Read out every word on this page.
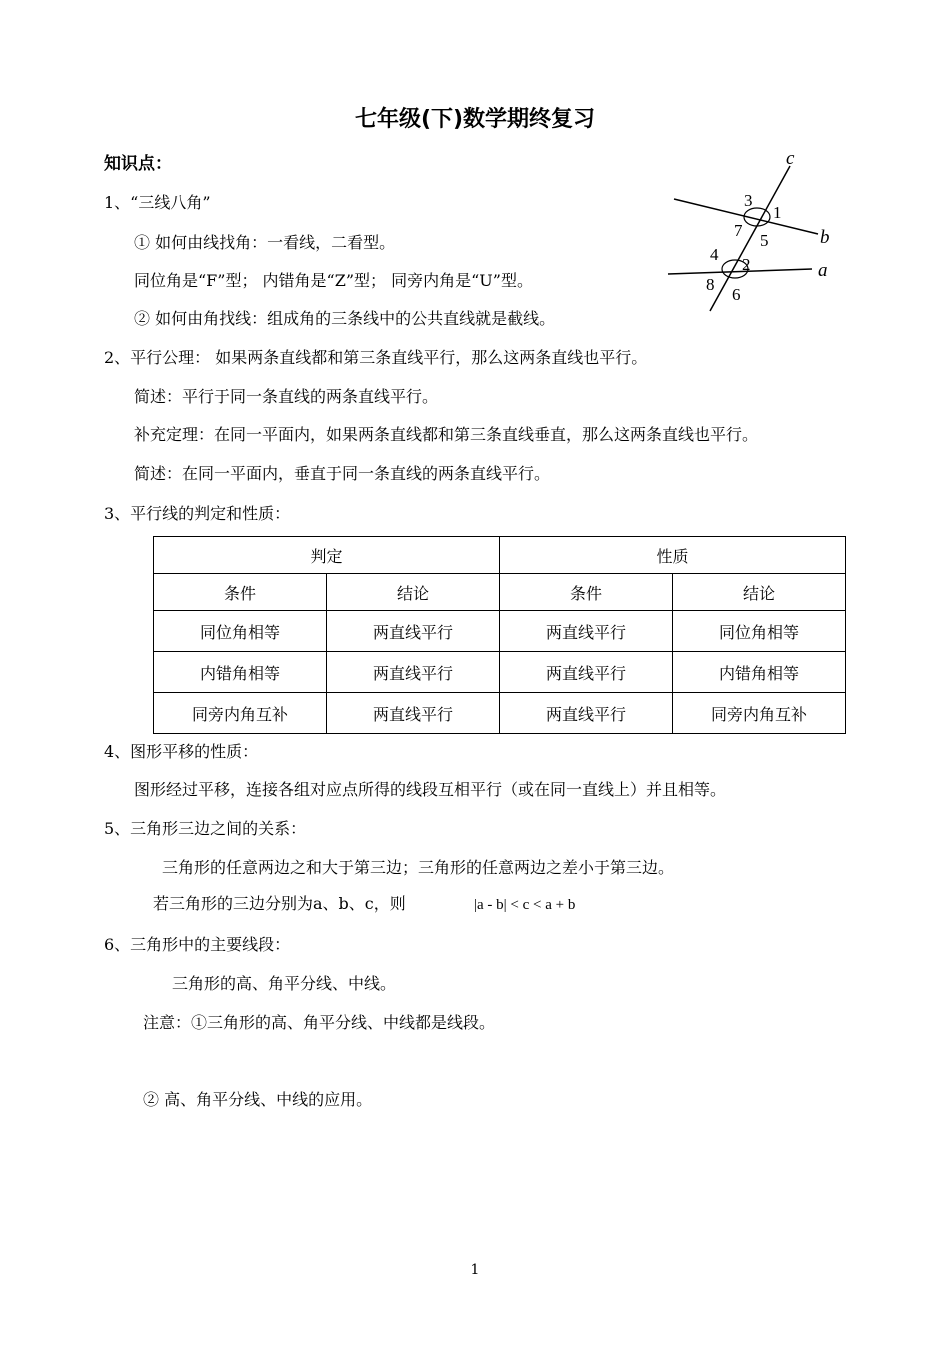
七年级(下)数学期终复习
知识点：
1、“三线八角”
① 如何由线找角：一看线，二看型。
同位角是“F”型； 内错角是“Z”型； 同旁内角是“U”型。
② 如何由角找线：组成角的三条线中的公共直线就是截线。
c
b
a
3
1
7
5
4
2
8
6
2、平行公理： 如果两条直线都和第三条直线平行，那么这两条直线也平行。
简述：平行于同一条直线的两条直线平行。
补充定理：在同一平面内，如果两条直线都和第三条直线垂直，那么这两条直线也平行。
简述：在同一平面内，垂直于同一条直线的两条直线平行。
3、平行线的判定和性质：
判定		性质	
条件	结论	条件	结论
同位角相等	两直线平行	两直线平行	同位角相等
内错角相等	两直线平行	两直线平行	内错角相等
同旁内角互补	两直线平行	两直线平行	同旁内角互补
4、图形平移的性质：
图形经过平移，连接各组对应点所得的线段互相平行（或在同一直线上）并且相等。
5、三角形三边之间的关系：
三角形的任意两边之和大于第三边；三角形的任意两边之差小于第三边。
若三角形的三边分别为a、b、c，则	|a - b| < c < a + b
6、三角形中的主要线段：
三角形的高、角平分线、中线。
注意：①三角形的高、角平分线、中线都是线段。
② 高、角平分线、中线的应用。
1
